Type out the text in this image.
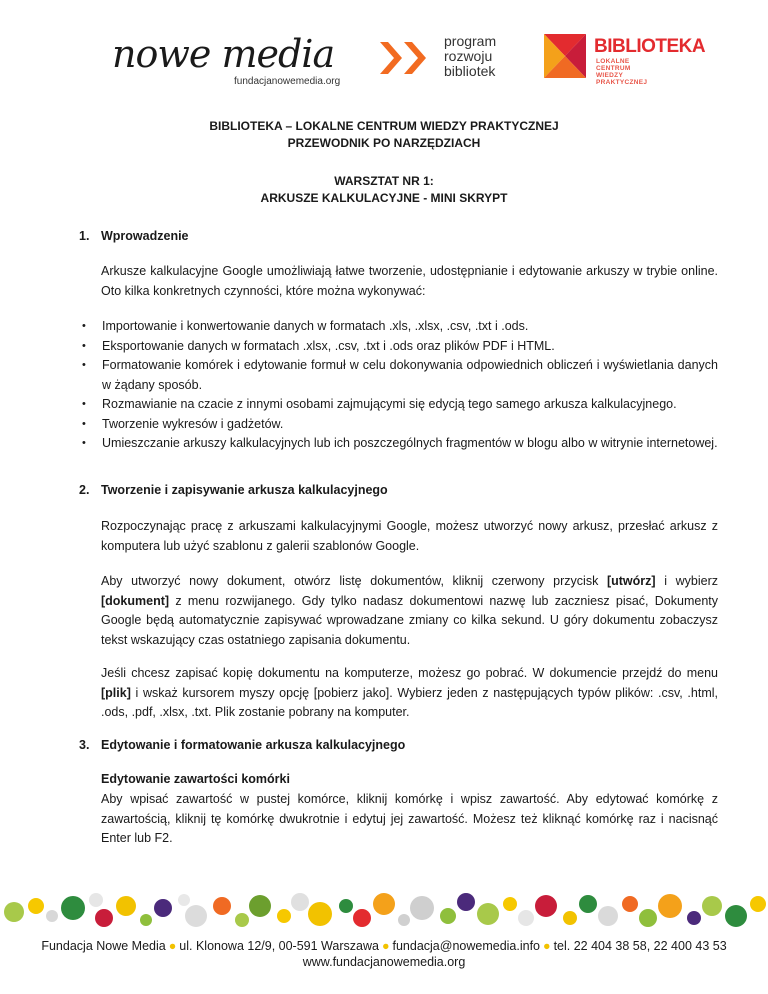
nowe media
fundacjanowemedia.org
program
rozwoju
bibliotek
BIBLIOTEKA
LOKALNE
CENTRUM
WIEDZY
PRAKTYCZNEJ
BIBLIOTEKA – LOKALNE CENTRUM WIEDZY PRAKTYCZNEJ
PRZEWODNIK PO NARZĘDZIACH
WARSZTAT NR 1:
ARKUSZE KALKULACYJNE - MINI SKRYPT
1. Wprowadzenie
Arkusze kalkulacyjne Google umożliwiają łatwe tworzenie, udostępnianie i edytowanie arkuszy w trybie online. Oto kilka konkretnych czynności, które można wykonywać:
• Importowanie i konwertowanie danych w formatach .xls, .xlsx, .csv, .txt i .ods.
• Eksportowanie danych w formatach .xlsx, .csv, .txt i .ods oraz plików PDF i HTML.
• Formatowanie komórek i edytowanie formuł w celu dokonywania odpowiednich obliczeń i wyświetlania danych w żądany sposób.
• Rozmawianie na czacie z innymi osobami zajmującymi się edycją tego samego arkusza kalkulacyjnego.
• Tworzenie wykresów i gadżetów.
• Umieszczanie arkuszy kalkulacyjnych lub ich poszczególnych fragmentów w blogu albo w witrynie internetowej.
2. Tworzenie i zapisywanie arkusza kalkulacyjnego
Rozpoczynając pracę z arkuszami kalkulacyjnymi Google, możesz utworzyć nowy arkusz, przesłać arkusz z komputera lub użyć szablonu z galerii szablonów Google.
Aby utworzyć nowy dokument, otwórz listę dokumentów, kliknij czerwony przycisk [utwórz] i wybierz [dokument] z menu rozwijanego. Gdy tylko nadasz dokumentowi nazwę lub zaczniesz pisać, Dokumenty Google będą automatycznie zapisywać wprowadzane zmiany co kilka sekund. U góry dokumentu zobaczysz tekst wskazujący czas ostatniego zapisania dokumentu.
Jeśli chcesz zapisać kopię dokumentu na komputerze, możesz go pobrać. W dokumencie przejdź do menu [plik] i wskaż kursorem myszy opcję [pobierz jako]. Wybierz jeden z następujących typów plików: .csv, .html, .ods, .pdf, .xlsx, .txt. Plik zostanie pobrany na komputer.
3. Edytowanie i formatowanie arkusza kalkulacyjnego
Edytowanie zawartości komórki
Aby wpisać zawartość w pustej komórce, kliknij komórkę i wpisz zawartość. Aby edytować komórkę z zawartością, kliknij tę komórkę dwukrotnie i edytuj jej zawartość. Możesz też kliknąć komórkę raz i nacisnąć Enter lub F2.
Fundacja Nowe Media ● ul. Klonowa 12/9, 00-591 Warszawa ● fundacja@nowemedia.info ● tel. 22 404 38 58, 22 400 43 53
www.fundacjanowemedia.org
